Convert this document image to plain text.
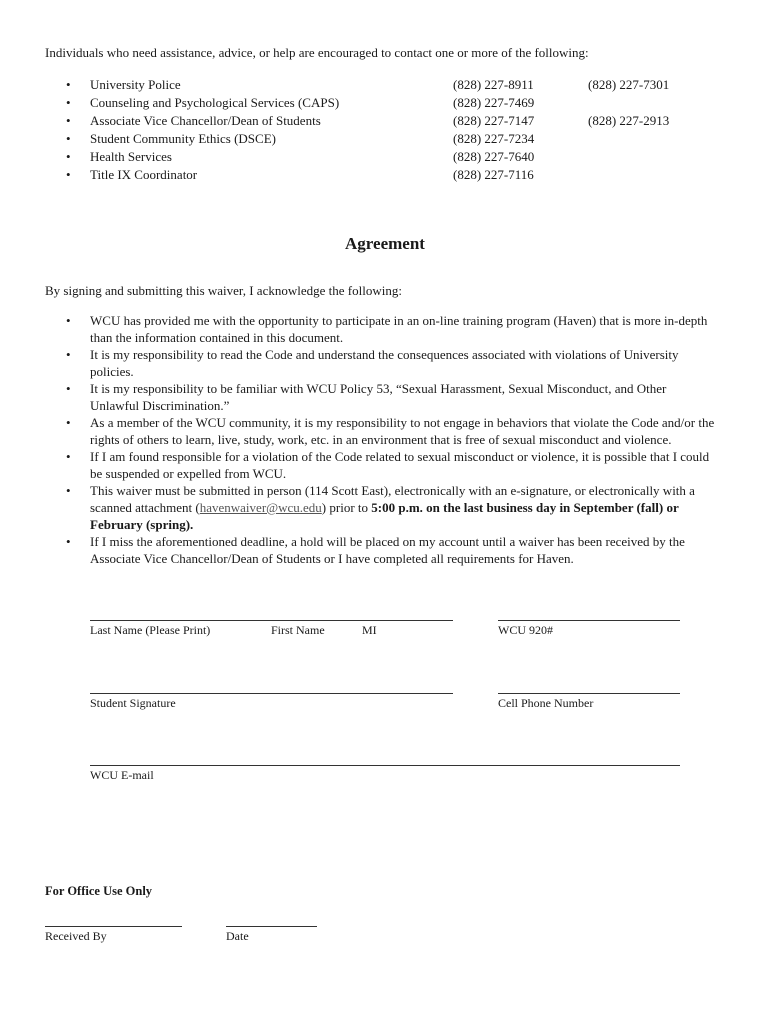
Individuals who need assistance, advice, or help are encouraged to contact one or more of the following:
• University Police	(828) 227-8911	(828) 227-7301
• Counseling and Psychological Services (CAPS)	(828) 227-7469
• Associate Vice Chancellor/Dean of Students	(828) 227-7147	(828) 227-2913
• Student Community Ethics (DSCE)	(828) 227-7234
• Health Services	(828) 227-7640
• Title IX Coordinator	(828) 227-7116
Agreement
By signing and submitting this waiver, I acknowledge the following:
• WCU has provided me with the opportunity to participate in an on-line training program (Haven) that is more in-depth than the information contained in this document.
• It is my responsibility to read the Code and understand the consequences associated with violations of University policies.
• It is my responsibility to be familiar with WCU Policy 53, “Sexual Harassment, Sexual Misconduct, and Other Unlawful Discrimination.”
• As a member of the WCU community, it is my responsibility to not engage in behaviors that violate the Code and/or the rights of others to learn, live, study, work, etc. in an environment that is free of sexual misconduct and violence.
• If I am found responsible for a violation of the Code related to sexual misconduct or violence, it is possible that I could be suspended or expelled from WCU.
• This waiver must be submitted in person (114 Scott East), electronically with an e-signature, or electronically with a scanned attachment (havenwaiver@wcu.edu) prior to 5:00 p.m. on the last business day in September (fall) or February (spring).
• If I miss the aforementioned deadline, a hold will be placed on my account until a waiver has been received by the Associate Vice Chancellor/Dean of Students or I have completed all requirements for Haven.
Last Name (Please Print)	First Name	MI	WCU 920#
Student Signature	Cell Phone Number
WCU E-mail
For Office Use Only
Received By	Date
